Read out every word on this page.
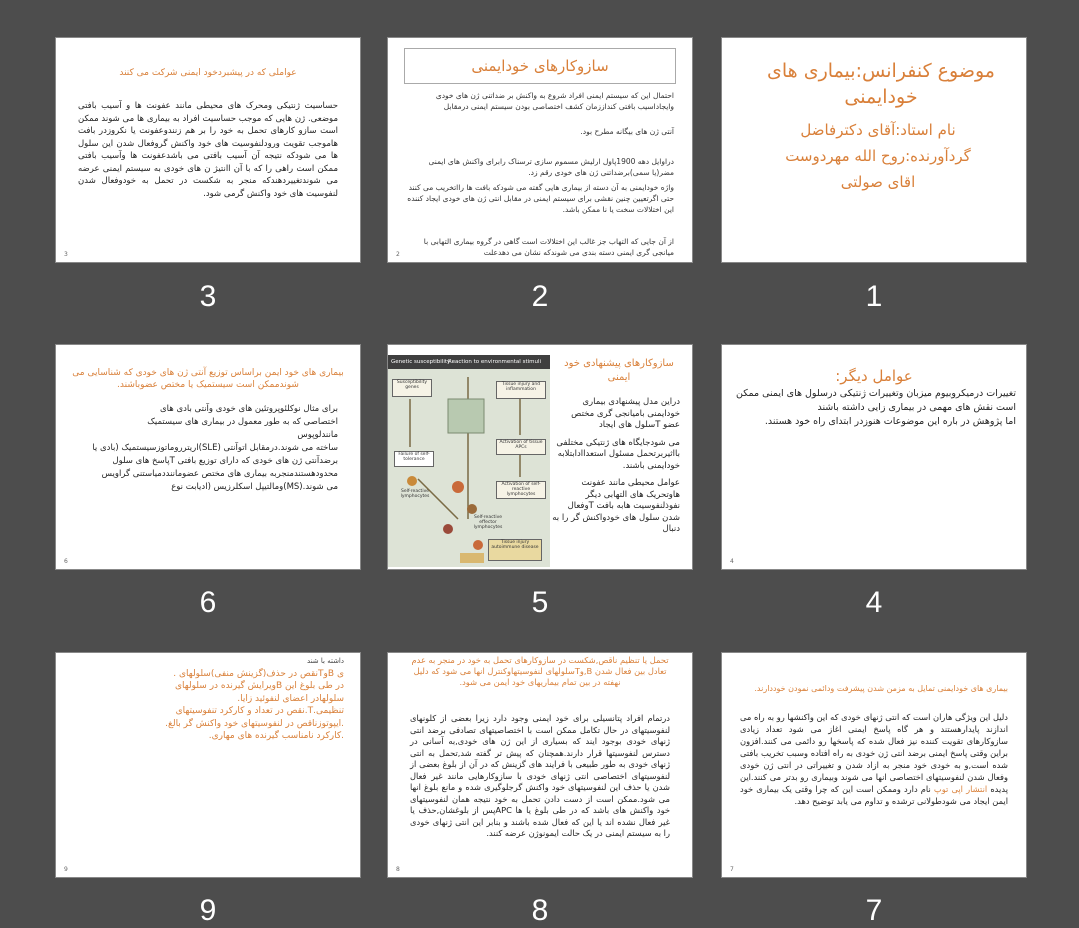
موضوع کنفرانس:بیماری های خودایمنی
نام استاد:آقای دکترفاضل
گردآورنده:روح الله مهردوست
اقای صولتی
1
سازوکارهای خودایمنی
احتمال این که سیستم ایمنی افراد شروع به واکنش بر ضداتنی ژن های خودی وایجاداسیب بافتی کنداززمان کشف اختصاصی بودن سیستم ایمنی درمقابل
آنتی ژن های بیگانه مطرح بود.
دراوایل دهه 1900پاول ارلیش مسموم سازی ترسناک رابرای واکنش های ایمنی مضر(یا سمی)برضداتنی ژن های خودی رقم زد.
واژه خودایمنی به آن دسته از بیماری هایی گفته می شودکه بافت ها رااتخریب می کنند حتی اگرتعیین چنین نقشی برای سیستم ایمنی در مقابل انتی ژن های خودی ایجاد کننده این اختلالات سخت یا نا ممکن باشد.
از آن جایی که التهاب جز غالب این اختلالات است گاهی در گروه بیماری التهابی با میانجی گری ایمنی دسته بندی می شوندکه نشان می دهدعلت
2
2
عواملی که در پیشبردخود ایمنی شرکت می کنند
حساسیت ژنتیکی ومحرک های محیطی مانند عفونت ها و آسیب بافتی موضعی. ژن هایی که موجب حساسیت افراد به بیماری ها می شوند ممکن است سازو کارهای تحمل به خود را بر هم زنندوعفونت یا نکروزدر بافت هاموجب تقویت ورودلنفوسیت های خود واکنش گروفعال شدن این سلول ها می شودکه نتیجه آن آسیب بافتی می باشدعفونت ها وآسیب بافتی ممکن است راهی را که با آن اانتیژ ن های خودی به سیستم ایمنی عرضه می شوندتغییردهندکه منجر به شکست در تحمل به خودوفعال شدن لنفوسیت های خود واکنش گرمی شود.
3
3
عوامل دیگر:

تغییرات درمیکروبیوم میزبان وتغییرات ژنتیکی درسلول های ایمنی ممکن است نقش های مهمی در بیماری زایی داشته باشند

اما پژوهش در باره این موضوعات هنوزدر ابتدای راه خود هستند.

4
4
Genetic susceptibility
Reaction to environmental stimuli
Susceptibility genes
Tissue injury and inflammation
Activation of tissue APCs
Failure of self-tolerance
Self-reactive lymphocytes
Activation of self-reactive lymphocytes
Self-reactive effector lymphocytes
Tissue injury autoimmune disease
سازوکارهای پیشنهادی خود ایمنی

دراین مدل پیشنهادی بیماری خودایمنی بامیانجی گری مختص عضو Tسلول های ایجاد

می شودجایگاه های ژنتیکی مختلفی بااثیربرتحمل مسئول استعداادابتلابه خودایمنی باشند.

عوامل محیطی مانند عفونت هاوتحریک های التهابی دیگر نفوذلنفوسیت هابه بافت Tوفعال شدن سلول های خودواکنش گر را به دنبال

5
بیماری های خود ایمن براساس توزیع آنتی ژن های خودی که شناسایی می شوندممکن است سیستمیک یا مختص عضوباشند.

برای مثال نوکلئوپروتئین های خودی وآنتی بادی های

اختصاصی که به طور معمول در بیماری های سیستمیک

مانندلوپوس

ساخته می شوند.درمقابل اتوآنتی (SLE)اریترروماتوزسیستمیک (بادی یا

برضدآنتی ژن های خودی که دارای توزیع بافتی Tپاسخ های سلول محدودهستندمنجربه بیماری های مختص عضوماننددمیاستنی گراویس

می شوند.(MS)ومالتیپل اسکلرزیس (ادیابت نوع

6
6
بیماری های خودایمنی تمایل به مزمن شدن پیشرفت ودائمی نمودن خوددارند.
دلیل این ویژگی هاران است که انتی ژنهای خودی که این واکنشها رو به راه می اندازند پایدارهستند و هر گاه پاسخ ایمنی اغاز می شود تعداد زیادی سازوکارهای تقویت کننده نیز فعال شده که پاسخها رو دائمی می کنند.افزون براین وقتی پاسخ ایمنی برضد انتی ژن خودی به راه افتاده وسبب تخریب بافتی شده است,و به خودی خود منجر به ازاد شدن و تغییراتی در انتی ژن خودی وفعال شدن لنفوسیتهای اختصاصی انها می شوند وبیماری رو بدتر می کنند.این پدیده انتشار اپی توپ نام دارد وممکن است این که چرا وقتی یک بیماری خود ایمن ایجاد می شودطولانی ترشده و تداوم می یابد توضیح دهد.
7
7
تحمل یا تنظیم ناقص,شکست در سازوکارهای تحمل به خود در منجر به عدم تعادل بین فعال شدن B,وTسلولهای لنفوسیتهاوکنترل انها می شود که دلیل نهفته در بین تمام بیماریهای خود ایمن می شود.
درتمام افراد پتانسیلی برای خود ایمنی وجود دارد زیرا بعضی از کلونهای لنفوسیتهای در حال تکامل ممکن است با اختصاصیتهای تصادفی برضد انتی ژنهای خودی بوجود ایند که بسیاری از این ژن های خودی,به آسانی در دسترس لنفوسیتها قرار دارند.همچنان که پیش تر گفته شد,تحمل به انتی ژنهای خودی به طور طبیعی با فرایند های گزینش که در آن از بلوغ بعضی از لنفوسیتهای اختصاصی انتی ژنهای خودی با سازوکارهایی مانند غیر فعال شدن یا حذف این لنفوسیتهای خود واکنش گرجلوگیری شده و مانع بلوغ انها می شود.ممکن است از دست دادن تحمل به خود نتیجه همان لنفوسیتهای خود واکنش های باشد که در طی بلوغ یا ها APCپس از بلوغشان,حذف یا غیر فعال نشده اند یا این که فعال شده باشند و بنابر این انتی ژنهای خودی را به سیستم ایمنی در یک حالت ایمونوژن عرضه کنند.
8
8

داشته با شند

ی BوTنقص در حذف(گزینش منفی)سلولهای .

در طی بلوغ این Bویرایش گیرنده در سلولهای

سلولهادر اعضای لنفوئید زایا.

تنظیمی.T.نقص در تعداد و کارکرد تنفوسیتهای

.ایپوتوزناقص در لنفوسیتهای خود واکنش گر بالغ.

.کارکرد نامناسب گیرنده های مهاری.

9
9
